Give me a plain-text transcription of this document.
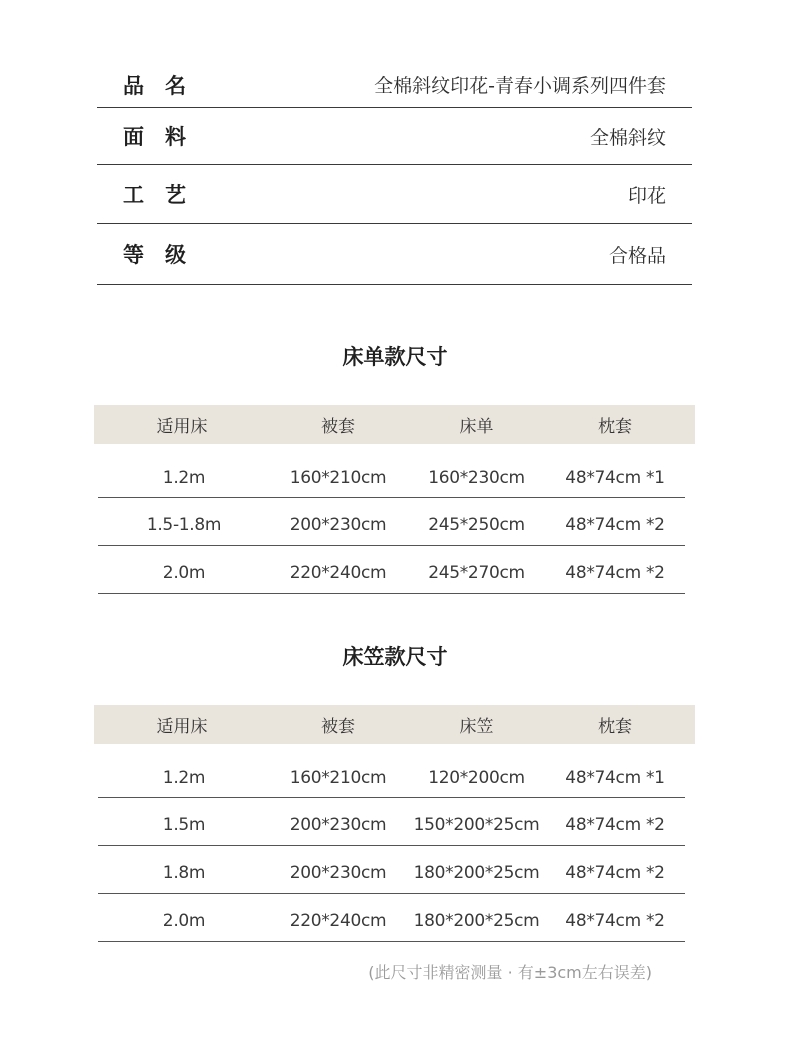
品名	全棉斜纹印花-青春小调系列四件套
面料	全棉斜纹
工艺	印花
等级	合格品
床单款尺寸
适用床	被套	床单	枕套
1.2m	160*210cm	160*230cm	48*74cm *1
1.5-1.8m	200*230cm	245*250cm	48*74cm *2
2.0m	220*240cm	245*270cm	48*74cm *2
床笠款尺寸
适用床	被套	床笠	枕套
1.2m	160*210cm	120*200cm	48*74cm *1
1.5m	200*230cm	150*200*25cm	48*74cm *2
1.8m	200*230cm	180*200*25cm	48*74cm *2
2.0m	220*240cm	180*200*25cm	48*74cm *2
(此尺寸非精密测量 · 有±3cm左右误差)
